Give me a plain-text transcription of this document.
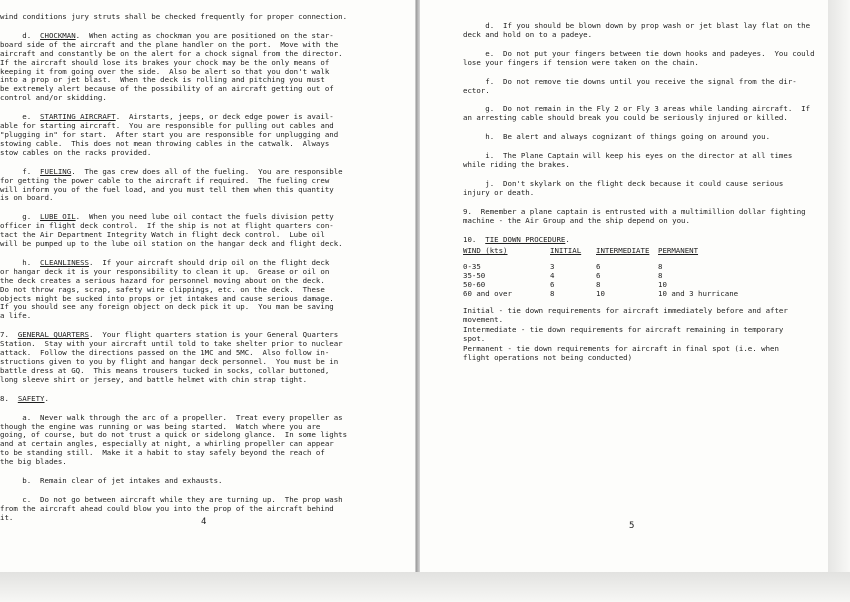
wind conditions jury struts shall be checked frequently for proper connection.
d.  CHOCKMAN.  When acting as chockman you are positioned on the star-
board side of the aircraft and the plane handler on the port.  Move with the
aircraft and constantly be on the alert for a chock signal from the director.
If the aircraft should lose its brakes your chock may be the only means of
keeping it from going over the side.  Also be alert so that you don't walk
into a prop or jet blast.  When the deck is rolling and pitching you must
be extremely alert because of the possibility of an aircraft getting out of
control and/or skidding.
e.  STARTING AIRCRAFT.  Airstarts, jeeps, or deck edge power is avail-
able for starting aircraft.  You are responsible for pulling out cables and
"plugging in" for start.  After start you are responsible for unplugging and
stowing cable.  This does not mean throwing cables in the catwalk.  Always
stow cables on the racks provided.
f.  FUELING.  The gas crew does all of the fueling.  You are responsible
for getting the power cable to the aircraft if required.  The fueling crew
will inform you of the fuel load, and you must tell them when this quantity
is on board.
g.  LUBE OIL.  When you need lube oil contact the fuels division petty
officer in flight deck control.  If the ship is not at flight quarters con-
tact the Air Department Integrity Watch in flight deck control.  Lube oil
will be pumped up to the lube oil station on the hangar deck and flight deck.
h.  CLEANLINESS.  If your aircraft should drip oil on the flight deck
or hangar deck it is your responsibility to clean it up.  Grease or oil on
the deck creates a serious hazard for personnel moving about on the deck.
Do not throw rags, scrap, safety wire clippings, etc. on the deck.  These
objects might be sucked into props or jet intakes and cause serious damage.
If you should see any foreign object on deck pick it up.  You man be saving
a life.
7.  GENERAL QUARTERS.  Your flight quarters station is your General Quarters
Station.  Stay with your aircraft until told to take shelter prior to nuclear
attack.  Follow the directions passed on the 1MC and 5MC.  Also follow in-
structions given to you by flight and hangar deck personnel.  You must be in
battle dress at GQ.  This means trousers tucked in socks, collar buttoned,
long sleeve shirt or jersey, and battle helmet with chin strap tight.
8.  SAFETY.
a.  Never walk through the arc of a propeller.  Treat every propeller as
though the engine was running or was being started.  Watch where you are
going, of course, but do not trust a quick or sidelong glance.  In some lights
and at certain angles, especially at night, a whirling propeller can appear
to be standing still.  Make it a habit to stay safely beyond the reach of
the big blades.
b.  Remain clear of jet intakes and exhausts.
c.  Do not go between aircraft while they are turning up.  The prop wash
from the aircraft ahead could blow you into the prop of the aircraft behind
it.	4
d.  If you should be blown down by prop wash or jet blast lay flat on the
deck and hold on to a padeye.
e.  Do not put your fingers between tie down hooks and padeyes.  You could
lose your fingers if tension were taken on the chain.
f.  Do not remove tie downs until you receive the signal from the dir-
ector.
g.  Do not remain in the Fly 2 or Fly 3 areas while landing aircraft.  If
an arresting cable should break you could be seriously injured or killed.
h.  Be alert and always cognizant of things going on around you.
i.  The Plane Captain will keep his eyes on the director at all times
while riding the brakes.
j.  Don't skylark on the flight deck because it could cause serious
injury or death.
9.  Remember a plane captain is entrusted with a multimillion dollar fighting
machine - the Air Group and the ship depend on you.
10.  TIE DOWN PROCEDURE.
WIND (kts)	INITIAL	INTERMEDIATE	PERMANENT

0-35	3	6	8
35-50	4	6	8
50-60	6	8	10
60 and over	8	10	10 and 3 hurricane
Initial - tie down requirements for aircraft immediately before and after
movement.
Intermediate - tie down requirements for aircraft remaining in temporary
spot.
Permanent - tie down requirements for aircraft in final spot (i.e. when
flight operations not being conducted)
5
